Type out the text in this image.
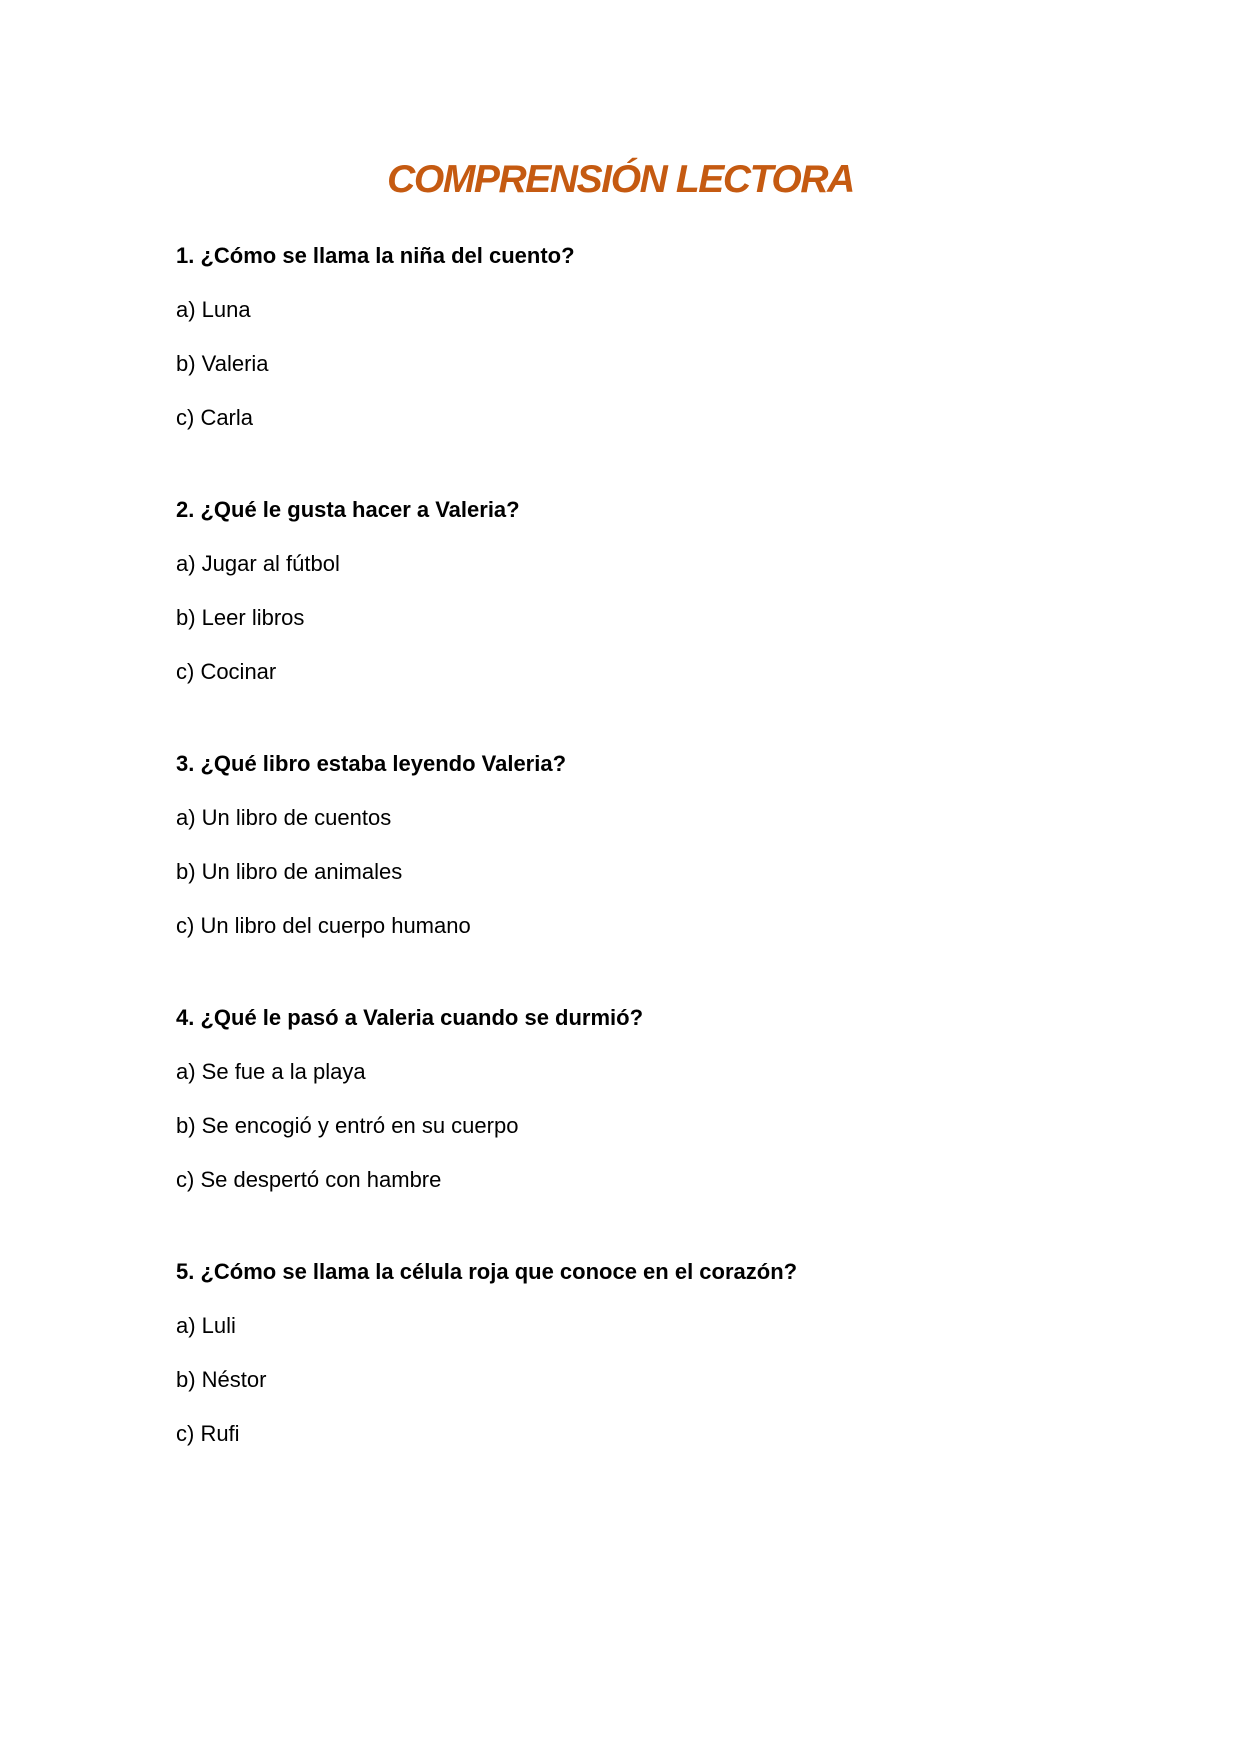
COMPRENSIÓN LECTORA

1. ¿Cómo se llama la niña del cuento?

a) Luna

b) Valeria

c) Carla

2. ¿Qué le gusta hacer a Valeria?

a) Jugar al fútbol

b) Leer libros

c) Cocinar

3. ¿Qué libro estaba leyendo Valeria?

a) Un libro de cuentos

b) Un libro de animales

c) Un libro del cuerpo humano

4. ¿Qué le pasó a Valeria cuando se durmió?

a) Se fue a la playa

b) Se encogió y entró en su cuerpo

c) Se despertó con hambre

5. ¿Cómo se llama la célula roja que conoce en el corazón?

a) Luli

b) Néstor

c) Rufi
